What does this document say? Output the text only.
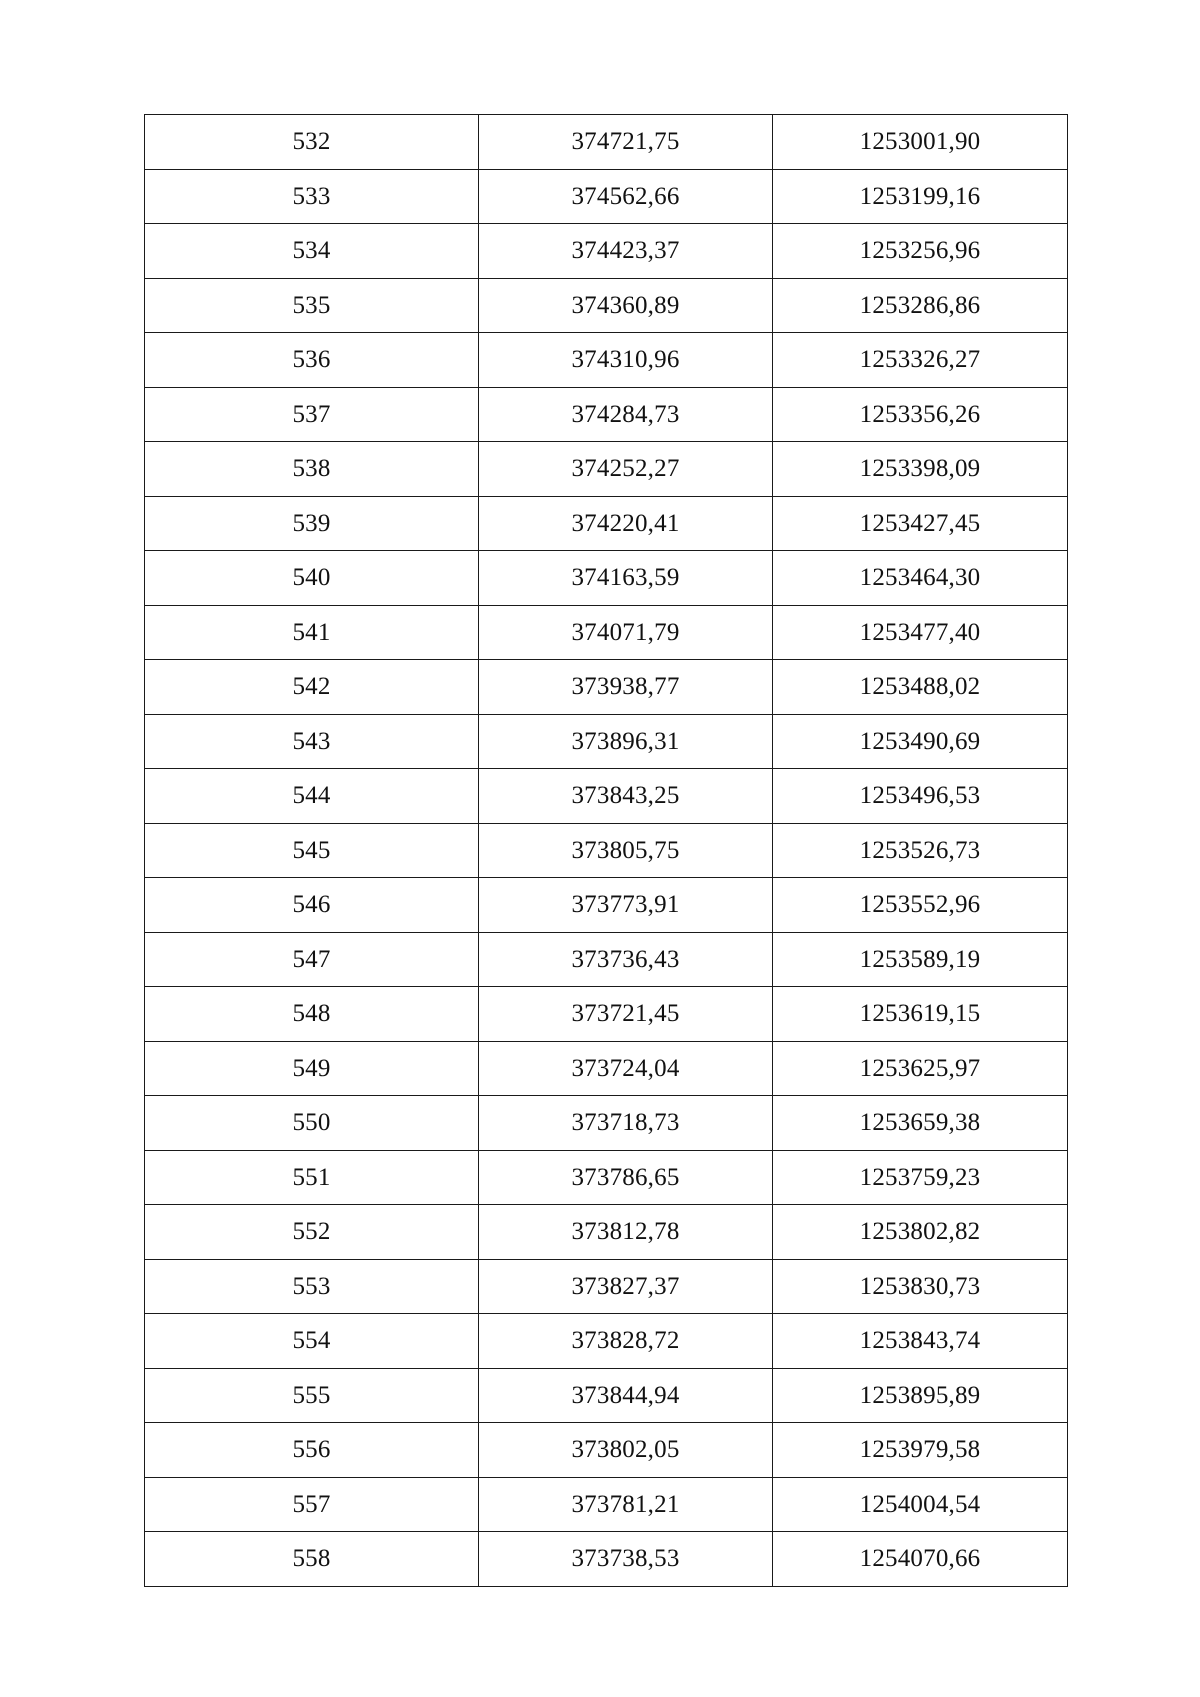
532	374721,75	1253001,90
533	374562,66	1253199,16
534	374423,37	1253256,96
535	374360,89	1253286,86
536	374310,96	1253326,27
537	374284,73	1253356,26
538	374252,27	1253398,09
539	374220,41	1253427,45
540	374163,59	1253464,30
541	374071,79	1253477,40
542	373938,77	1253488,02
543	373896,31	1253490,69
544	373843,25	1253496,53
545	373805,75	1253526,73
546	373773,91	1253552,96
547	373736,43	1253589,19
548	373721,45	1253619,15
549	373724,04	1253625,97
550	373718,73	1253659,38
551	373786,65	1253759,23
552	373812,78	1253802,82
553	373827,37	1253830,73
554	373828,72	1253843,74
555	373844,94	1253895,89
556	373802,05	1253979,58
557	373781,21	1254004,54
558	373738,53	1254070,66
